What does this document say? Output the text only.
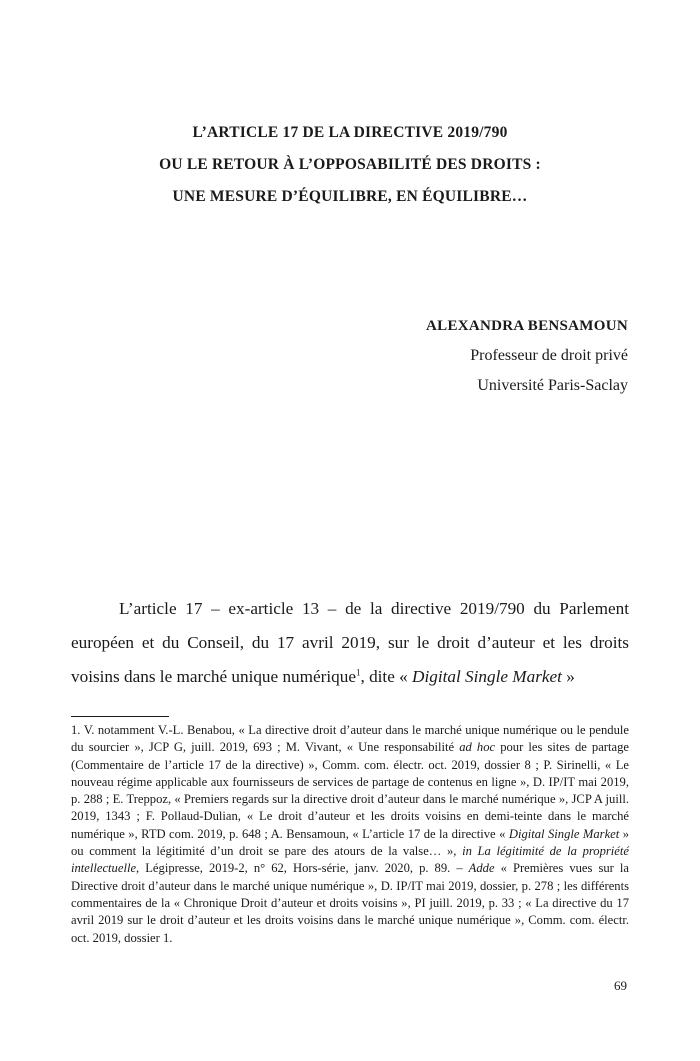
L’ARTICLE 17 DE LA DIRECTIVE 2019/790
OU LE RETOUR À L’OPPOSABILITÉ DES DROITS :
UNE MESURE D’ÉQUILIBRE, EN ÉQUILIBRE…
ALEXANDRA BENSAMOUN
Professeur de droit privé
Université Paris-Saclay

L’article 17 – ex-article 13 – de la directive 2019/790 du Parlement européen et du Conseil, du 17 avril 2019, sur le droit d’auteur et les droits voisins dans le marché unique numérique$^1$, dite « Digital Single Market »

1. V. notamment V.-L. Benabou, « La directive droit d’auteur dans le marché unique numérique ou le pendule du sourcier », JCP G, juill. 2019, 693 ; M. Vivant, « Une responsabilité ad hoc pour les sites de partage (Commentaire de l’article 17 de la directive) », Comm. com. électr. oct. 2019, dossier 8 ; P. Sirinelli, « Le nouveau régime applicable aux fournisseurs de services de partage de contenus en ligne », D. IP/IT mai 2019, p. 288 ; E. Treppoz, « Premiers regards sur la directive droit d’auteur dans le marché numérique », JCP A juill. 2019, 1343 ; F. Pollaud-Dulian, « Le droit d’auteur et les droits voisins en demi-teinte dans le marché numérique », RTD com. 2019, p. 648 ; A. Bensamoun, « L’article 17 de la directive « Digital Single Market » ou comment la légitimité d’un droit se pare des atours de la valse… », in La légitimité de la propriété intellectuelle, Légipresse, 2019-2, n° 62, Hors-série, janv. 2020, p. 89. – Adde « Premières vues sur la Directive droit d’auteur dans le marché unique numérique », D. IP/IT mai 2019, dossier, p. 278 ; les différents commentaires de la « Chronique Droit d’auteur et droits voisins », PI juill. 2019, p. 33 ; « La directive du 17 avril 2019 sur le droit d’auteur et les droits voisins dans le marché unique numérique », Comm. com. électr. oct. 2019, dossier 1.

69
